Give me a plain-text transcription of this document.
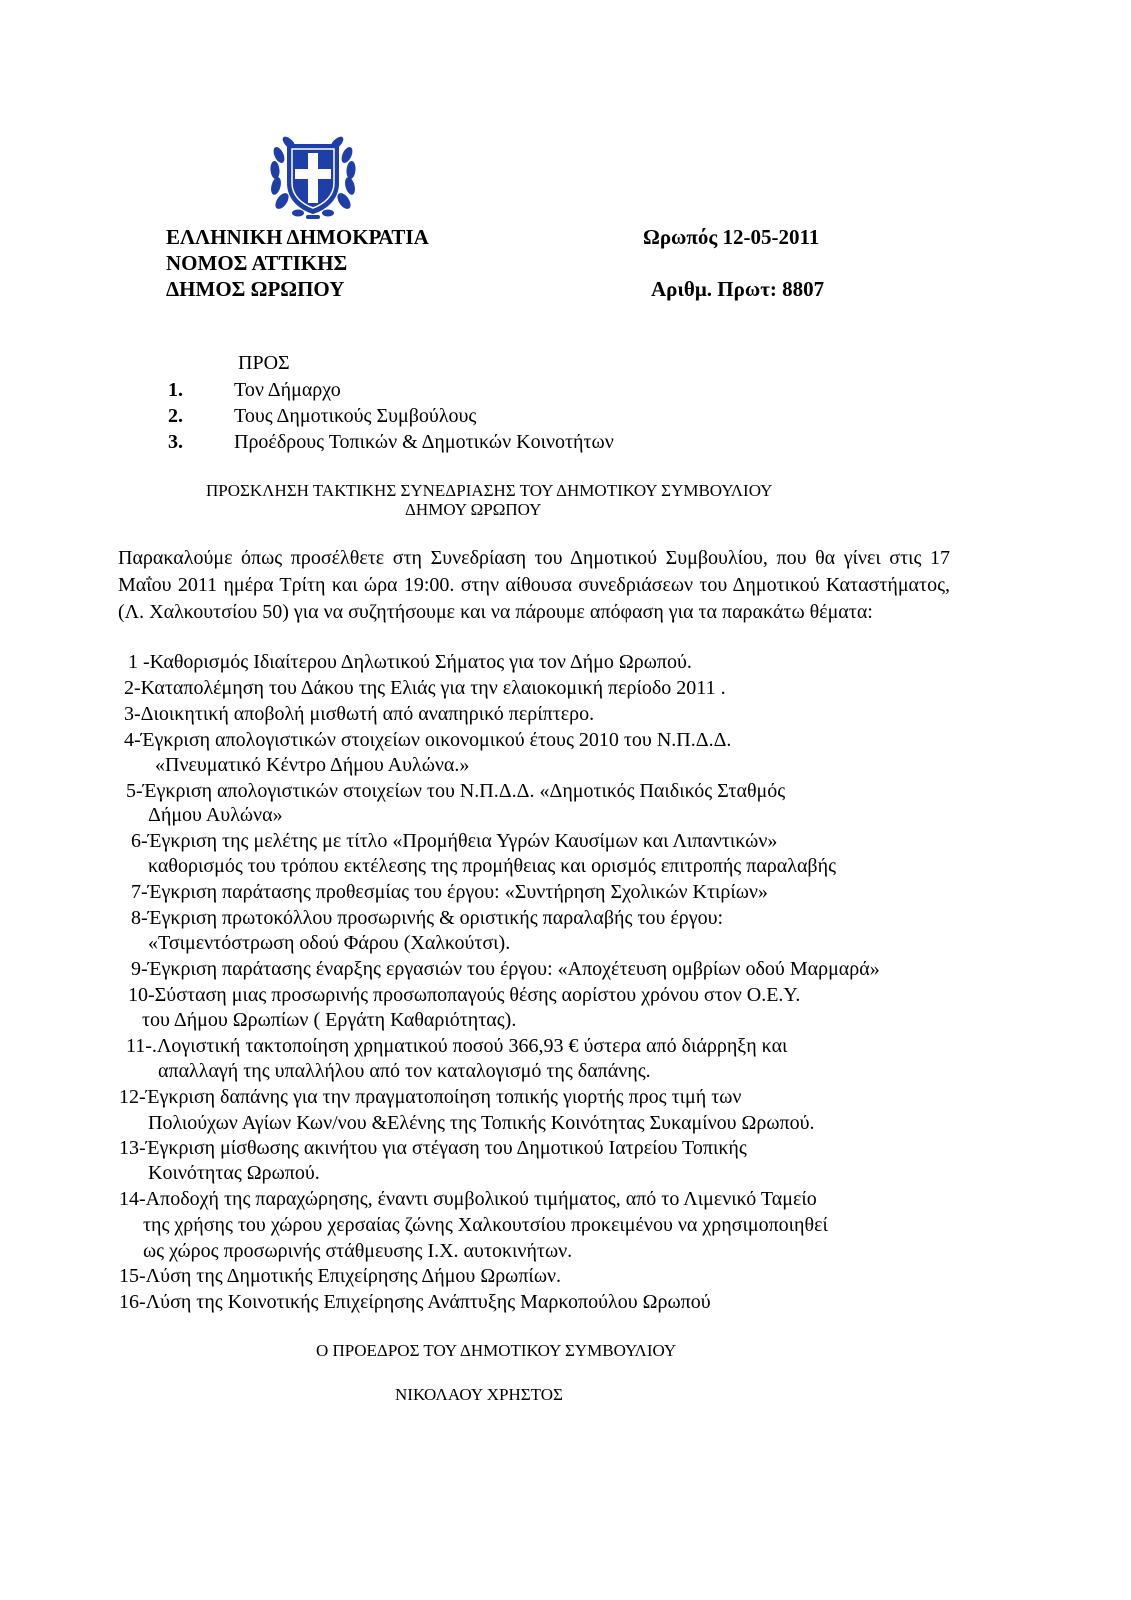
ΕΛΛΗΝΙΚΗ ΔΗΜΟΚΡΑΤΙΑ
ΝΟΜΟΣ ΑΤΤΙΚΗΣ
ΔΗΜΟΣ ΩΡΩΠΟΥ
Ωρωπός 12-05-2011
Αριθμ. Πρωτ: 8807
ΠΡΟΣ
1.	Τον Δήμαρχο
2.	Τους Δημοτικούς Συμβούλους
3.	Προέδρους Τοπικών & Δημοτικών Κοινοτήτων
ΠΡΟΣΚΛΗΣΗ ΤΑΚΤΙΚΗΣ ΣΥΝΕΔΡΙΑΣΗΣ ΤΟΥ ΔΗΜΟΤΙΚΟΥ ΣΥΜΒΟΥΛΙΟΥ
ΔΗΜΟΥ ΩΡΩΠΟΥ
Παρακαλούμε όπως προσέλθετε στη Συνεδρίαση του Δημοτικού Συμβουλίου, που θα γίνει στις 17 Μαΐου 2011 ημέρα Τρίτη και ώρα 19:00. στην αίθουσα συνεδριάσεων του Δημοτικού Καταστήματος,(Λ. Χαλκουτσίου 50) για να συζητήσουμε και να πάρουμε απόφαση για τα παρακάτω θέματα:
1 -Καθορισμός Ιδιαίτερου Δηλωτικού Σήματος για τον Δήμο Ωρωπού.
2-Καταπολέμηση του Δάκου της Ελιάς για την ελαιοκομική περίοδο 2011 .
3-Διοικητική αποβολή μισθωτή από αναπηρικό περίπτερο.
4-Έγκριση απολογιστικών στοιχείων οικονομικού έτους 2010 του Ν.Π.Δ.Δ.
«Πνευματικό Κέντρο Δήμου Αυλώνα.»
5-Έγκριση απολογιστικών στοιχείων του Ν.Π.Δ.Δ. «Δημοτικός Παιδικός Σταθμός
Δήμου Αυλώνα»
6-Έγκριση της μελέτης με τίτλο «Προμήθεια Υγρών Καυσίμων και Λιπαντικών»
καθορισμός του τρόπου εκτέλεσης της προμήθειας και ορισμός επιτροπής παραλαβής
7-Έγκριση παράτασης προθεσμίας του έργου: «Συντήρηση Σχολικών Κτιρίων»
8-Έγκριση πρωτοκόλλου προσωρινής & οριστικής παραλαβής του έργου:
«Τσιμεντόστρωση οδού Φάρου (Χαλκούτσι).
9-Έγκριση παράτασης έναρξης εργασιών του έργου: «Αποχέτευση ομβρίων οδού Μαρμαρά»
10-Σύσταση μιας προσωρινής προσωποπαγούς θέσης αορίστου χρόνου στον Ο.Ε.Υ.
του Δήμου Ωρωπίων ( Εργάτη Καθαριότητας).
11-.Λογιστική τακτοποίηση χρηματικού ποσού 366,93 € ύστερα από διάρρηξη και
απαλλαγή της υπαλλήλου από τον καταλογισμό της δαπάνης.
12-Έγκριση δαπάνης για την πραγματοποίηση τοπικής γιορτής προς τιμή των
Πολιούχων Αγίων Κων/νου &Ελένης της Τοπικής Κοινότητας Συκαμίνου Ωρωπού.
13-Έγκριση μίσθωσης ακινήτου για στέγαση του Δημοτικού Ιατρείου Τοπικής
Κοινότητας Ωρωπού.
14-Αποδοχή της παραχώρησης, έναντι συμβολικού τιμήματος, από το Λιμενικό Ταμείο
της χρήσης του χώρου χερσαίας ζώνης Χαλκουτσίου προκειμένου να χρησιμοποιηθεί
ως χώρος προσωρινής στάθμευσης Ι.Χ. αυτοκινήτων.
15-Λύση της Δημοτικής Επιχείρησης Δήμου Ωρωπίων.
16-Λύση της Κοινοτικής Επιχείρησης Ανάπτυξης Μαρκοπούλου Ωρωπού
Ο ΠΡΟΕΔΡΟΣ ΤΟΥ ΔΗΜΟΤΙΚΟΥ ΣΥΜΒΟΥΛΙΟΥ
ΝΙΚΟΛΑΟΥ ΧΡΗΣΤΟΣ
